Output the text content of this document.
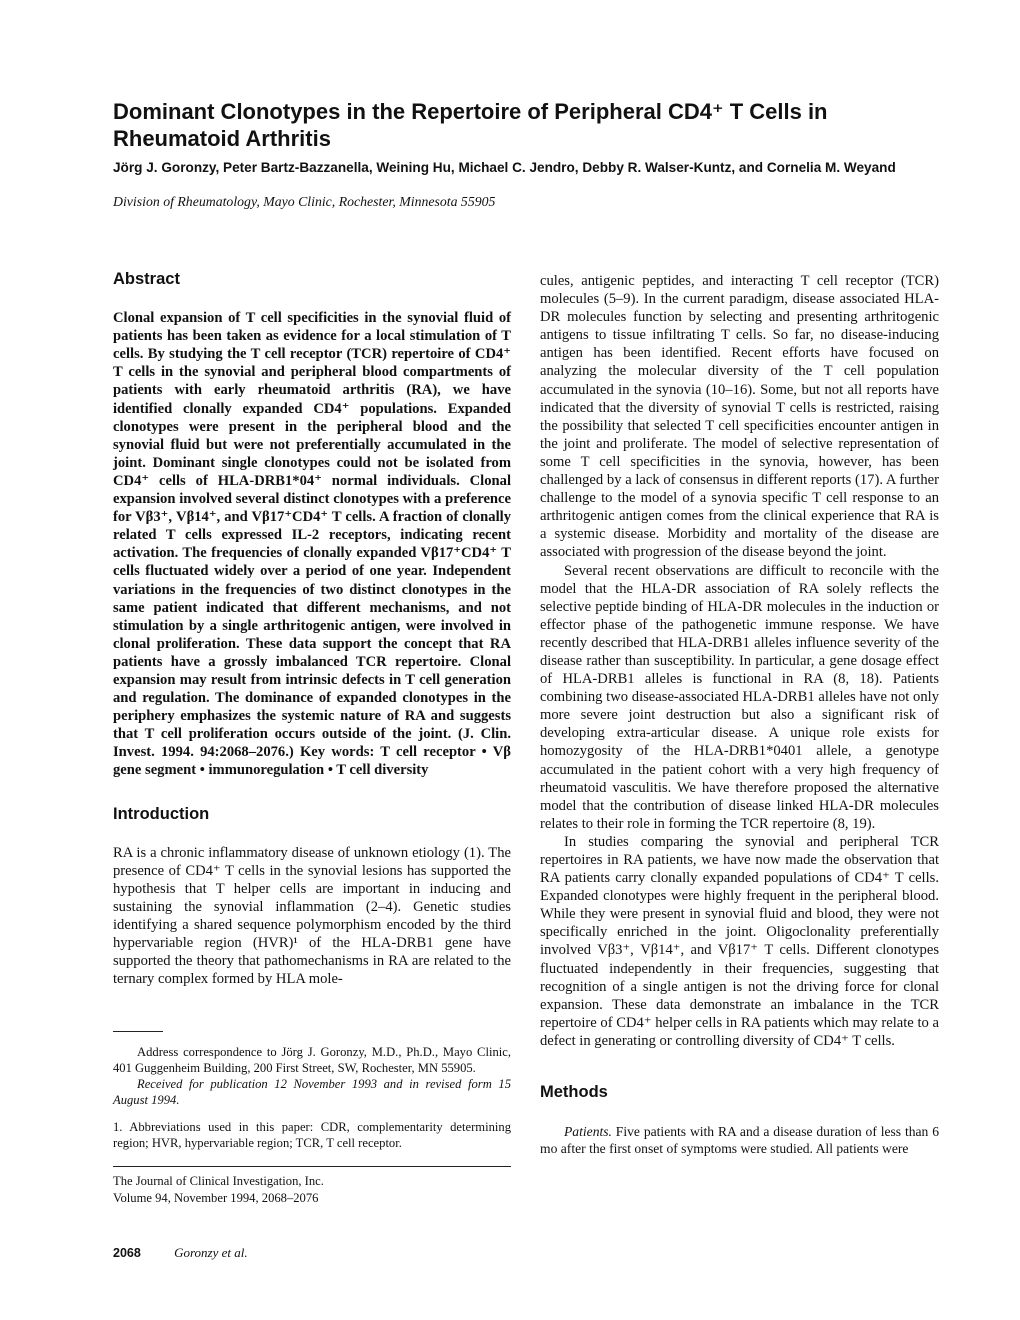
Dominant Clonotypes in the Repertoire of Peripheral CD4⁺ T Cells in Rheumatoid Arthritis
Jörg J. Goronzy, Peter Bartz-Bazzanella, Weining Hu, Michael C. Jendro, Debby R. Walser-Kuntz, and Cornelia M. Weyand
Division of Rheumatology, Mayo Clinic, Rochester, Minnesota 55905
Abstract

Clonal expansion of T cell specificities in the synovial fluid of patients has been taken as evidence for a local stimulation of T cells. By studying the T cell receptor (TCR) repertoire of CD4⁺ T cells in the synovial and peripheral blood compartments of patients with early rheumatoid arthritis (RA), we have identified clonally expanded CD4⁺ populations. Expanded clonotypes were present in the peripheral blood and the synovial fluid but were not preferentially accumulated in the joint. Dominant single clonotypes could not be isolated from CD4⁺ cells of HLA-DRB1*04⁺ normal individuals. Clonal expansion involved several distinct clonotypes with a preference for Vβ3⁺, Vβ14⁺, and Vβ17⁺CD4⁺ T cells. A fraction of clonally related T cells expressed IL-2 receptors, indicating recent activation. The frequencies of clonally expanded Vβ17⁺CD4⁺ T cells fluctuated widely over a period of one year. Independent variations in the frequencies of two distinct clonotypes in the same patient indicated that different mechanisms, and not stimulation by a single arthritogenic antigen, were involved in clonal proliferation. These data support the concept that RA patients have a grossly imbalanced TCR repertoire. Clonal expansion may result from intrinsic defects in T cell generation and regulation. The dominance of expanded clonotypes in the periphery emphasizes the systemic nature of RA and suggests that T cell proliferation occurs outside of the joint. (J. Clin. Invest. 1994. 94:2068–2076.) Key words: T cell receptor • Vβ gene segment • immunoregulation • T cell diversity

Introduction

RA is a chronic inflammatory disease of unknown etiology (1). The presence of CD4⁺ T cells in the synovial lesions has supported the hypothesis that T helper cells are important in inducing and sustaining the synovial inflammation (2–4). Genetic studies identifying a shared sequence polymorphism encoded by the third hypervariable region (HVR)¹ of the HLA-DRB1 gene have supported the theory that pathomechanisms in RA are related to the ternary complex formed by HLA mole-

Address correspondence to Jörg J. Goronzy, M.D., Ph.D., Mayo Clinic, 401 Guggenheim Building, 200 First Street, SW, Rochester, MN 55905.

Received for publication 12 November 1993 and in revised form 15 August 1994.

1. Abbreviations used in this paper: CDR, complementarity determining region; HVR, hypervariable region; TCR, T cell receptor.

The Journal of Clinical Investigation, Inc.
Volume 94, November 1994, 2068–2076

cules, antigenic peptides, and interacting T cell receptor (TCR) molecules (5–9). In the current paradigm, disease associated HLA-DR molecules function by selecting and presenting arthritogenic antigens to tissue infiltrating T cells. So far, no disease-inducing antigen has been identified. Recent efforts have focused on analyzing the molecular diversity of the T cell population accumulated in the synovia (10–16). Some, but not all reports have indicated that the diversity of synovial T cells is restricted, raising the possibility that selected T cell specificities encounter antigen in the joint and proliferate. The model of selective representation of some T cell specificities in the synovia, however, has been challenged by a lack of consensus in different reports (17). A further challenge to the model of a synovia specific T cell response to an arthritogenic antigen comes from the clinical experience that RA is a systemic disease. Morbidity and mortality of the disease are associated with progression of the disease beyond the joint.

Several recent observations are difficult to reconcile with the model that the HLA-DR association of RA solely reflects the selective peptide binding of HLA-DR molecules in the induction or effector phase of the pathogenetic immune response. We have recently described that HLA-DRB1 alleles influence severity of the disease rather than susceptibility. In particular, a gene dosage effect of HLA-DRB1 alleles is functional in RA (8, 18). Patients combining two disease-associated HLA-DRB1 alleles have not only more severe joint destruction but also a significant risk of developing extra-articular disease. A unique role exists for homozygosity of the HLA-DRB1*0401 allele, a genotype accumulated in the patient cohort with a very high frequency of rheumatoid vasculitis. We have therefore proposed the alternative model that the contribution of disease linked HLA-DR molecules relates to their role in forming the TCR repertoire (8, 19).

In studies comparing the synovial and peripheral TCR repertoires in RA patients, we have now made the observation that RA patients carry clonally expanded populations of CD4⁺ T cells. Expanded clonotypes were highly frequent in the peripheral blood. While they were present in synovial fluid and blood, they were not specifically enriched in the joint. Oligoclonality preferentially involved Vβ3⁺, Vβ14⁺, and Vβ17⁺ T cells. Different clonotypes fluctuated independently in their frequencies, suggesting that recognition of a single antigen is not the driving force for clonal expansion. These data demonstrate an imbalance in the TCR repertoire of CD4⁺ helper cells in RA patients which may relate to a defect in generating or controlling diversity of CD4⁺ T cells.

Methods

Patients. Five patients with RA and a disease duration of less than 6 mo after the first onset of symptoms were studied. All patients were

2068	Goronzy et al.
